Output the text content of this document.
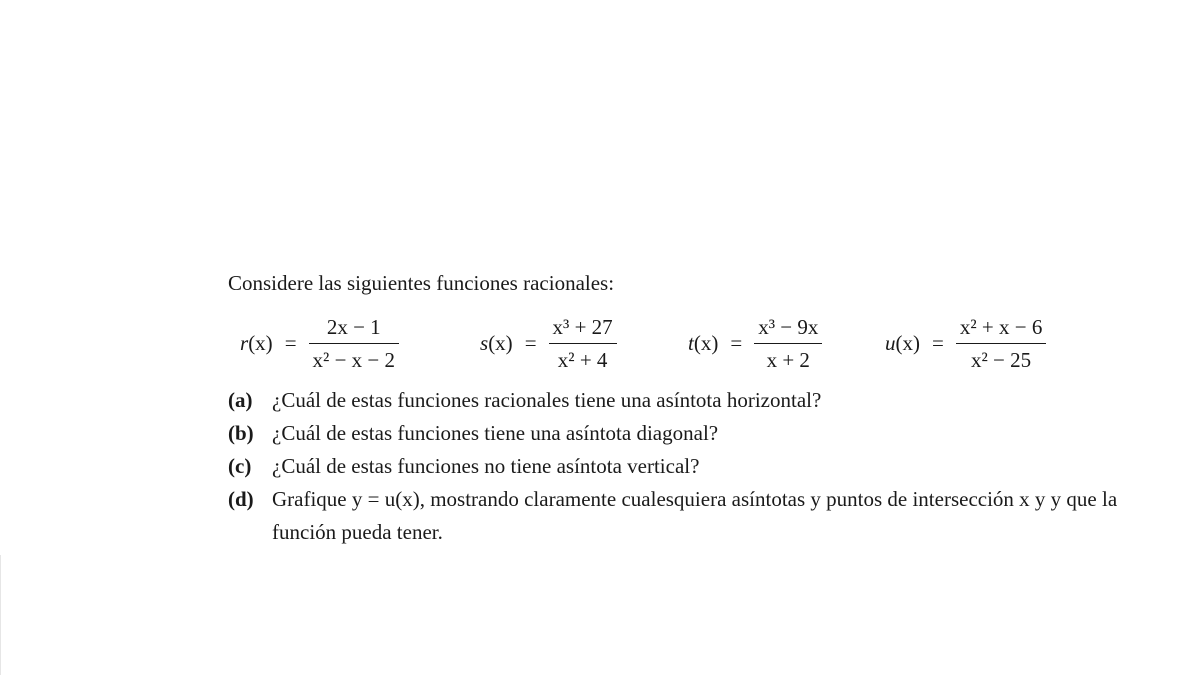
Considere las siguientes funciones racionales:
$r(x) = \frac{2x - 1}{\text{x² − x − 2}}$	$s(x) = \frac{\text{x³ + 27}}{\text{x² + 4}}$	$t(x) = \frac{\text{x³ − 9x}}{x + 2}$	$u(x) = \frac{\text{x² + x − 6}}{\text{x² − 25}}$
(a) ¿Cuál de estas funciones racionales tiene una asíntota horizontal?
(b) ¿Cuál de estas funciones tiene una asíntota diagonal?
(c) ¿Cuál de estas funciones no tiene asíntota vertical?
(d) Grafique y = u(x), mostrando claramente cualesquiera asíntotas y puntos de intersección x y y que la función pueda tener.
